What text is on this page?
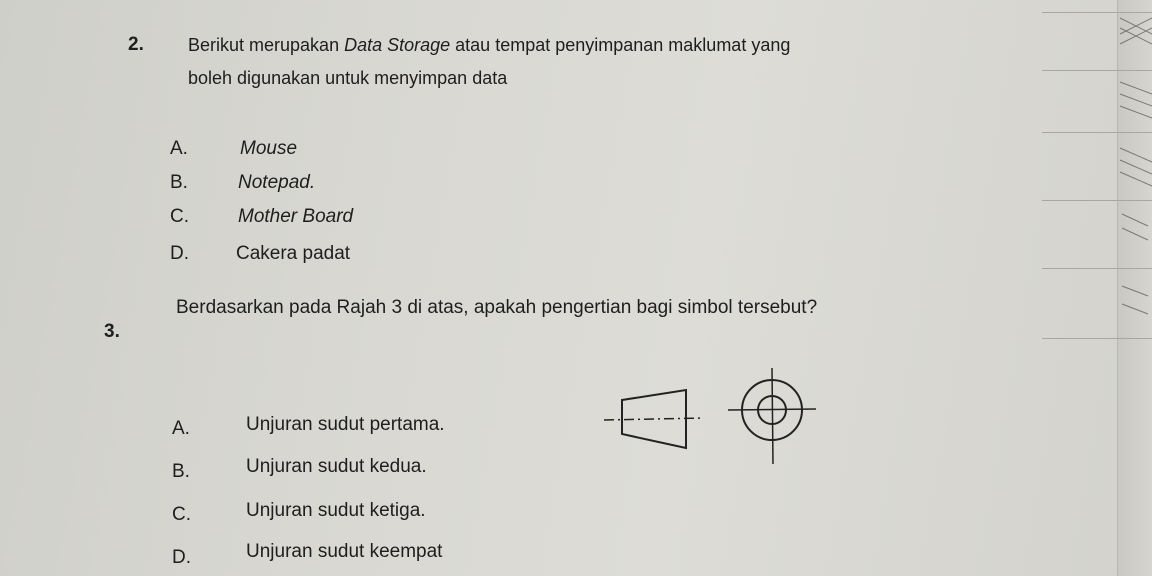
2. Berikut merupakan Data Storage atau tempat penyimpanan maklumat yang
boleh digunakan untuk menyimpan data
A.	Mouse
B.	Notepad.
C.	Mother Board
D. Cakera padat
3.
Berdasarkan pada Rajah 3 di atas, apakah pengertian bagi simbol tersebut?
A.	Unjuran sudut pertama.
B.	Unjuran sudut kedua.
C.	Unjuran sudut ketiga.
D.	Unjuran sudut keempat
